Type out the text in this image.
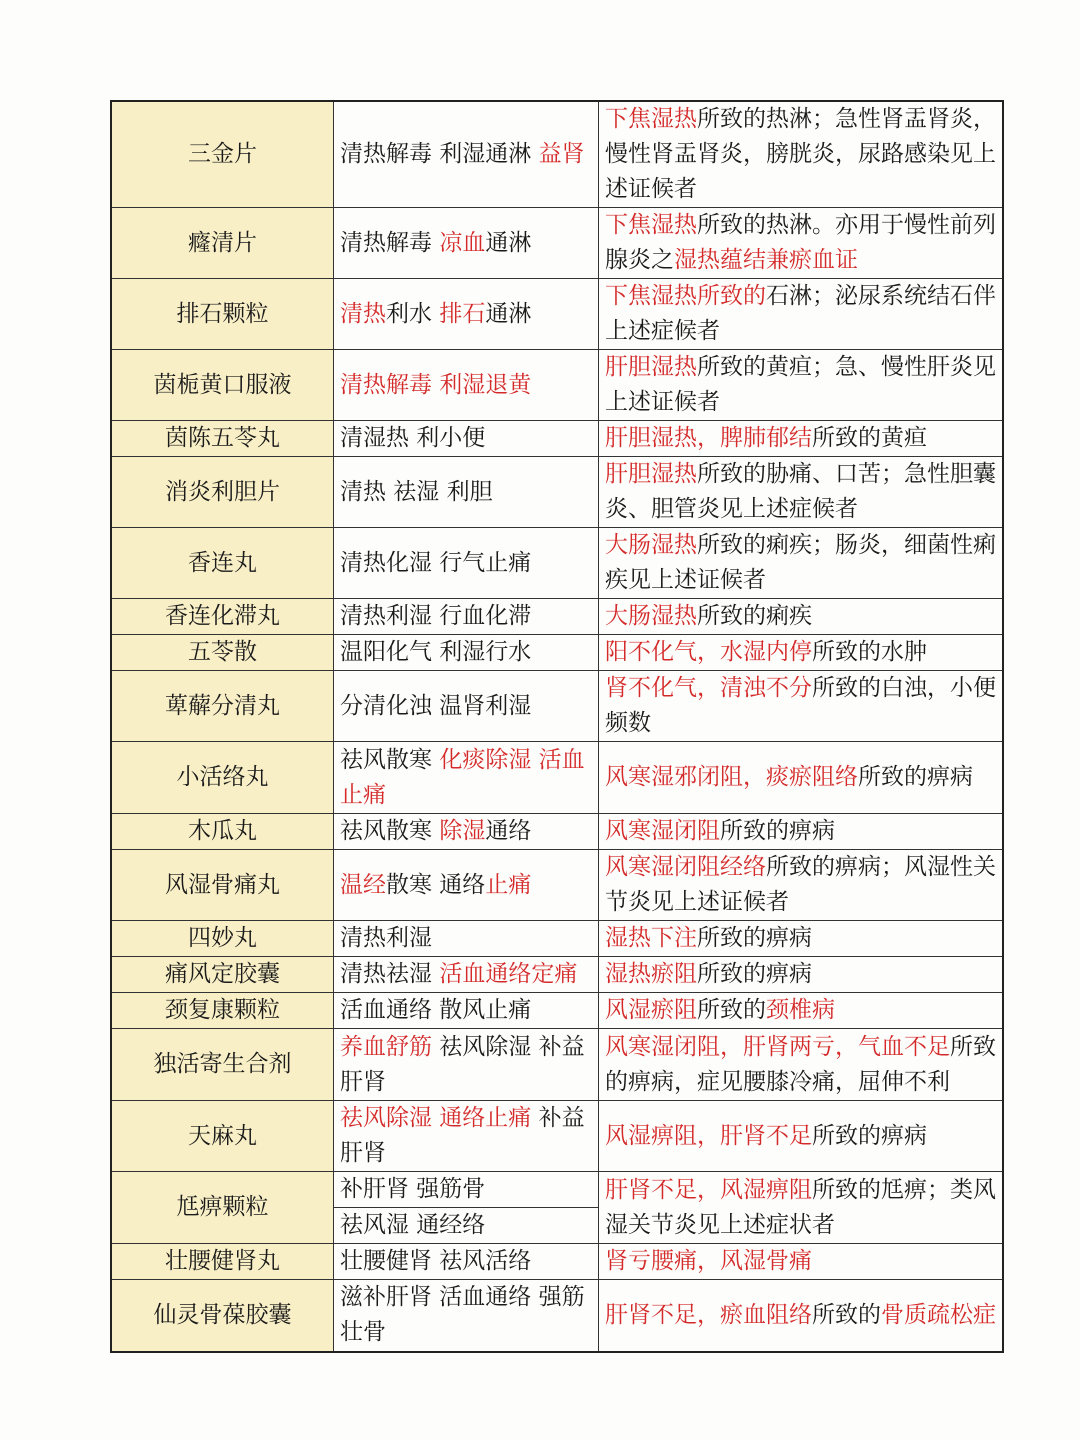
三金片	清热解毒 利湿通淋 益肾	下焦湿热所致的热淋；急性肾盂肾炎，慢性肾盂肾炎，膀胱炎，尿路感染见上述证候者
癃清片	清热解毒 凉血通淋	下焦湿热所致的热淋。亦用于慢性前列腺炎之湿热蕴结兼瘀血证
排石颗粒	清热利水 排石通淋	下焦湿热所致的石淋；泌尿系统结石伴上述症候者
茵栀黄口服液	清热解毒 利湿退黄	肝胆湿热所致的黄疸；急、慢性肝炎见上述证候者
茵陈五苓丸	清湿热 利小便	肝胆湿热，脾肺郁结所致的黄疸
消炎利胆片	清热 祛湿 利胆	肝胆湿热所致的胁痛、口苦；急性胆囊炎、胆管炎见上述症候者
香连丸	清热化湿 行气止痛	大肠湿热所致的痢疾；肠炎，细菌性痢疾见上述证候者
香连化滞丸	清热利湿 行血化滞	大肠湿热所致的痢疾
五苓散	温阳化气 利湿行水	阳不化气，水湿内停所致的水肿
萆薢分清丸	分清化浊 温肾利湿	肾不化气，清浊不分所致的白浊，小便频数
小活络丸	祛风散寒 化痰除湿 活血止痛	风寒湿邪闭阻，痰瘀阻络所致的痹病
木瓜丸	祛风散寒 除湿通络	风寒湿闭阻所致的痹病
风湿骨痛丸	温经散寒 通络止痛	风寒湿闭阻经络所致的痹病；风湿性关节炎见上述证候者
四妙丸	清热利湿	湿热下注所致的痹病
痛风定胶囊	清热祛湿 活血通络定痛	湿热瘀阻所致的痹病
颈复康颗粒	活血通络 散风止痛	风湿瘀阻所致的颈椎病
独活寄生合剂	养血舒筋 祛风除湿 补益肝肾	风寒湿闭阻，肝肾两亏，气血不足所致的痹病，症见腰膝冷痛，屈伸不利
天麻丸	祛风除湿 通络止痛 补益肝肾	风湿痹阻，肝肾不足所致的痹病
尪痹颗粒	补肝肾 强筋骨	肝肾不足，风湿痹阻所致的尪痹；类风湿关节炎见上述症状者
	祛风湿 通经络	
壮腰健肾丸	壮腰健肾 祛风活络	肾亏腰痛，风湿骨痛
仙灵骨葆胶囊	滋补肝肾 活血通络 强筋壮骨	肝肾不足，瘀血阻络所致的骨质疏松症
